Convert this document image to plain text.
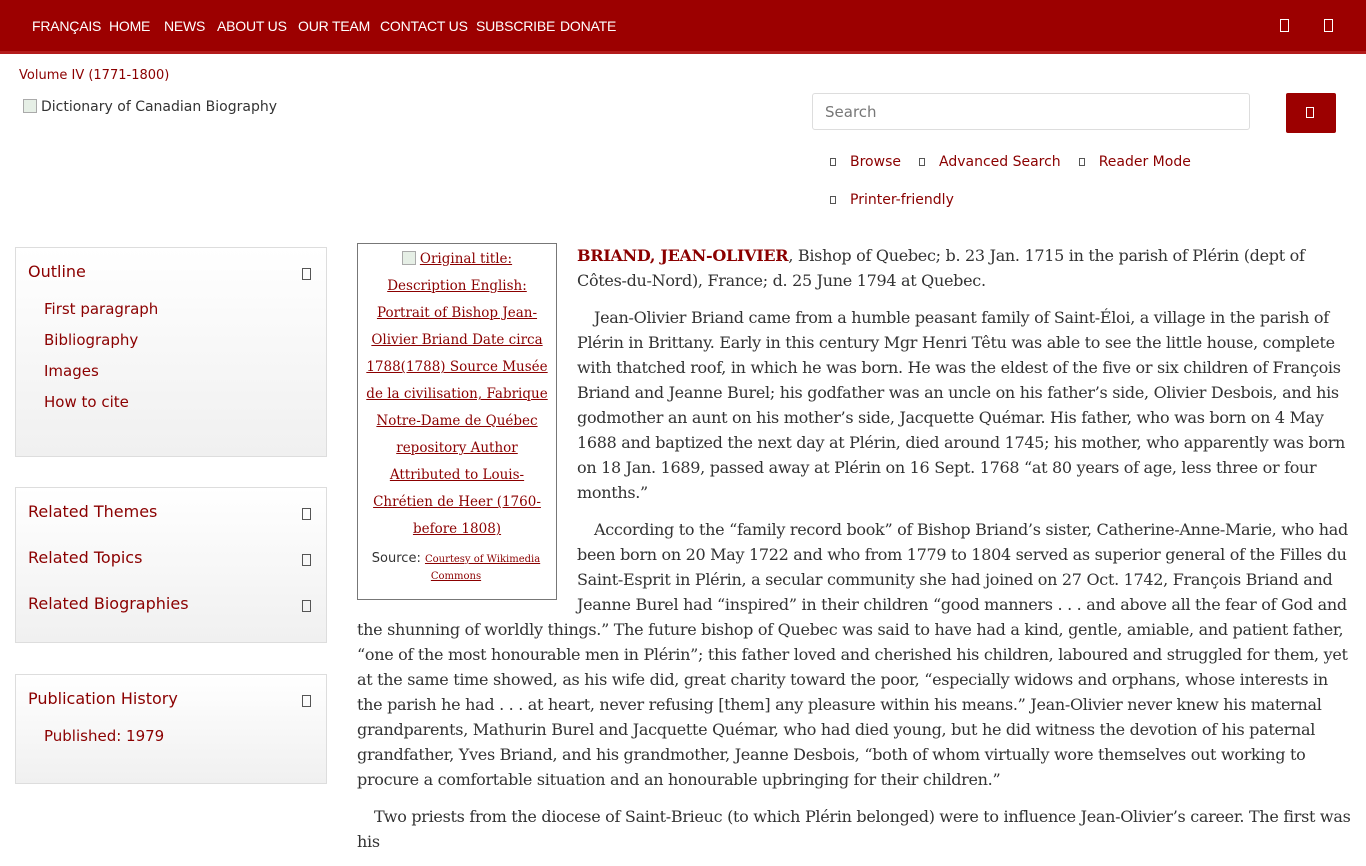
FRANÇAIS HOME NEWS ABOUT US OUR TEAM CONTACT US SUBSCRIBE DONATE
Volume IV (1771-1800)
Dictionary of Canadian Biography
Search
Browse	Advanced Search	Reader Mode
Printer-friendly
Outline
First paragraph
Bibliography
Images
How to cite
Related Themes
Related Topics
Related Biographies
Publication History
Published: 1979
Original title: Description English: Portrait of Bishop Jean-Olivier Briand Date circa 1788(1788) Source Musée de la civilisation, Fabrique Notre-Dame de Québec repository Author Attributed to Louis-Chrétien de Heer (1760-before 1808)
Source: Courtesy of Wikimedia Commons

BRIAND, JEAN-OLIVIER, Bishop of Quebec; b. 23 Jan. 1715 in the parish of Plérin (dept of Côtes-du-Nord), France; d. 25 June 1794 at Quebec.

Jean-Olivier Briand came from a humble peasant family of Saint-Éloi, a village in the parish of Plérin in Brittany. Early in this century Mgr Henri Têtu was able to see the little house, complete with thatched roof, in which he was born. He was the eldest of the five or six children of François Briand and Jeanne Burel; his godfather was an uncle on his father’s side, Olivier Desbois, and his godmother an aunt on his mother’s side, Jacquette Quémar. His father, who was born on 4 May 1688 and baptized the next day at Plérin, died around 1745; his mother, who apparently was born on 18 Jan. 1689, passed away at Plérin on 16 Sept. 1768 “at 80 years of age, less three or four months.”

According to the “family record book” of Bishop Briand’s sister, Catherine-Anne-Marie, who had been born on 20 May 1722 and who from 1779 to 1804 served as superior general of the Filles du Saint-Esprit in Plérin, a secular community she had joined on 27 Oct. 1742, François Briand and Jeanne Burel had “inspired” in their children “good manners . . . and above all the fear of God and the shunning of worldly things.” The future bishop of Quebec was said to have had a kind, gentle, amiable, and patient father, “one of the most honourable men in Plérin”; this father loved and cherished his children, laboured and struggled for them, yet at the same time showed, as his wife did, great charity toward the poor, “especially widows and orphans, whose interests in the parish he had . . . at heart, never refusing [them] any pleasure within his means.” Jean-Olivier never knew his maternal grandparents, Mathurin Burel and Jacquette Quémar, who had died young, but he did witness the devotion of his paternal grandfather, Yves Briand, and his grandmother, Jeanne Desbois, “both of whom virtually wore themselves out working to procure a comfortable situation and an honourable upbringing for their children.”

Two priests from the diocese of Saint-Brieuc (to which Plérin belonged) were to influence Jean-Olivier’s career. The first was his
